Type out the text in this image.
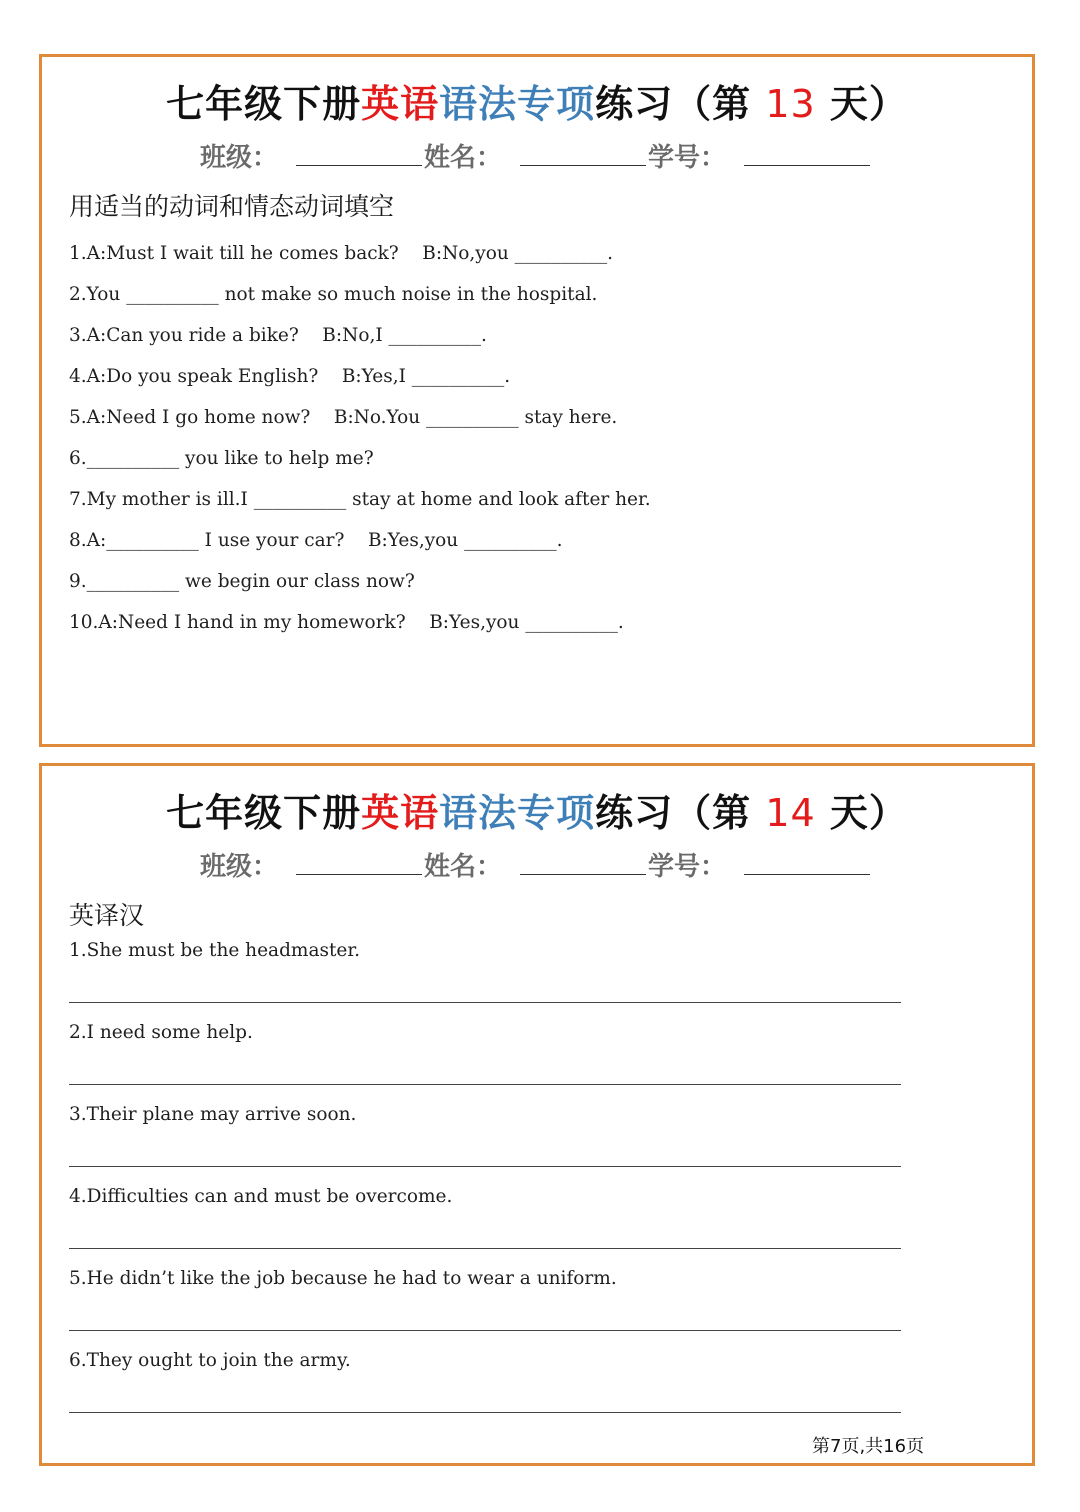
七年级下册英语语法专项练习（第 13 天）
班级：	姓名：	学号：
用适当的动词和情态动词填空
1.A:Must I wait till he comes back?    B:No,you __________.
2.You __________ not make so much noise in the hospital.
3.A:Can you ride a bike?    B:No,I __________.
4.A:Do you speak English?    B:Yes,I __________.
5.A:Need I go home now?    B:No.You __________ stay here.
6.__________ you like to help me?
7.My mother is ill.I __________ stay at home and look after her.
8.A:__________ I use your car?    B:Yes,you __________.
9.__________ we begin our class now?
10.A:Need I hand in my homework?    B:Yes,you __________.
七年级下册英语语法专项练习（第 14 天）
班级：	姓名：	学号：
英译汉
1.She must be the headmaster.
2.I need some help.
3.Their plane may arrive soon.
4.Difficulties can and must be overcome.
5.He didn’t like the job because he had to wear a uniform.
6.They ought to join the army.
第7页,共16页
